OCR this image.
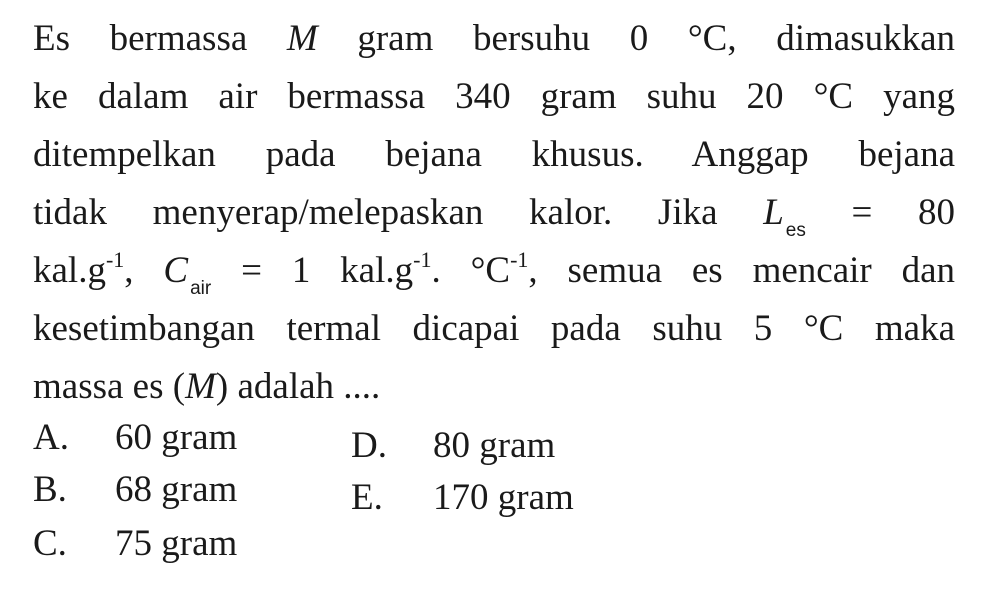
Es bermassa M gram bersuhu 0 °C, dimasukkan
ke dalam air bermassa 340 gram suhu 20 °C yang
ditempelkan pada bejana khusus. Anggap bejana
tidak menyerap/melepaskan kalor. Jika L $_{es}$ = 80
$kal.g^{-1}$, C $_{air}$ = 1 $kal.g^{-1}$. $^\circ C^{-1}$, semua es mencair dan
kesetimbangan termal dicapai pada suhu 5 °C maka
massa es (M) adalah ....
A. 60 gram
B. 68 gram
C. 75 gram
D. 80 gram
E. 170 gram
